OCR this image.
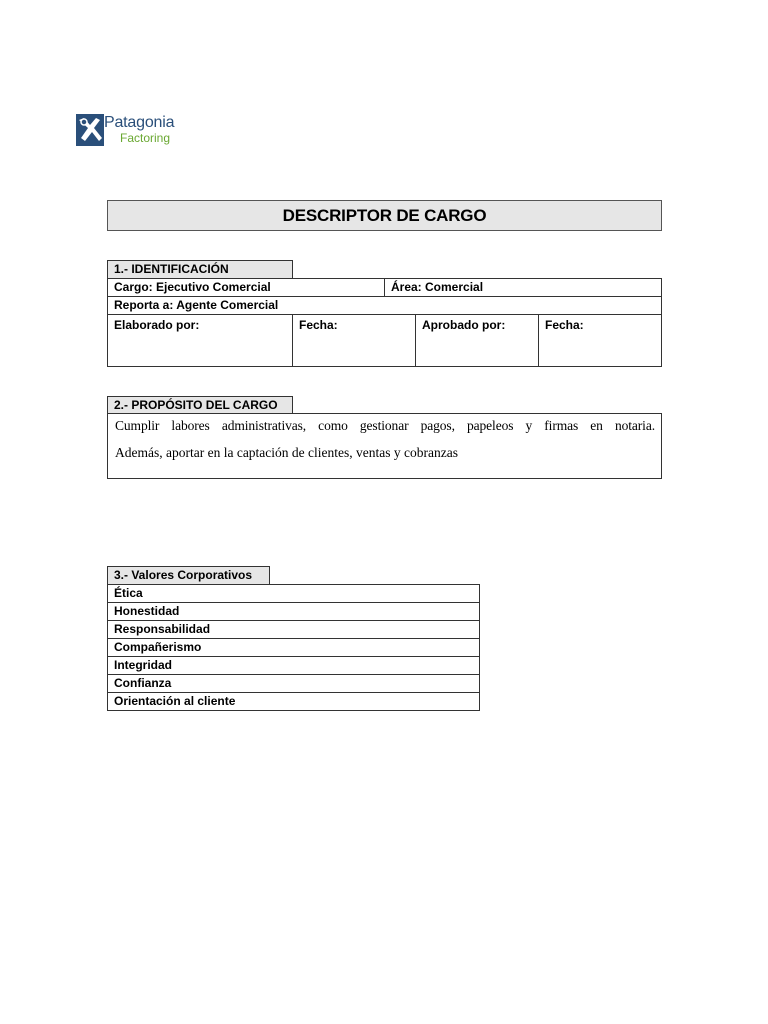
Patagonia
Factoring
DESCRIPTOR DE CARGO
1.- IDENTIFICACIÓN
Cargo: Ejecutivo Comercial	Área: Comercial
Reporta a: Agente Comercial
Elaborado por:	Fecha:	Aprobado por:	Fecha:
2.- PROPÓSITO DEL CARGO

Cumplir labores administrativas, como gestionar pagos, papeleos y firmas en notaria.

Además, aportar en la captación de clientes, ventas y cobranzas

3.- Valores Corporativos
Ética
Honestidad
Responsabilidad
Compañerismo
Integridad
Confianza
Orientación al cliente
